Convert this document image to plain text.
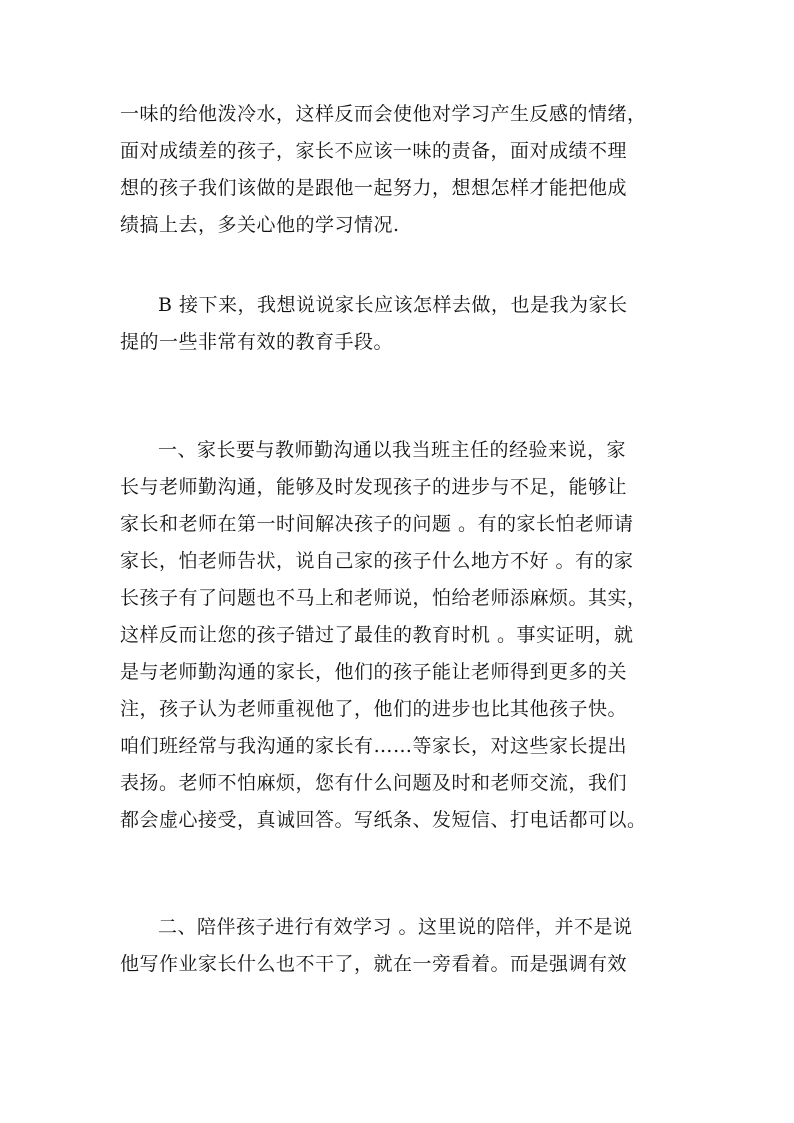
一味的给他泼冷水，这样反而会使他对学习产生反感的情绪，
面对成绩差的孩子，家长不应该一味的责备，面对成绩不理
想的孩子我们该做的是跟他一起努力，想想怎样才能把他成
绩搞上去，多关心他的学习情况.
B 接下来，我想说说家长应该怎样去做，也是我为家长
提的一些非常有效的教育手段。
一、家长要与教师勤沟通以我当班主任的经验来说，家
长与老师勤沟通，能够及时发现孩子的进步与不足，能够让
家长和老师在第一时间解决孩子的问题 。有的家长怕老师请
家长，怕老师告状，说自己家的孩子什么地方不好 。有的家
长孩子有了问题也不马上和老师说，怕给老师添麻烦。其实，
这样反而让您的孩子错过了最佳的教育时机 。事实证明，就
是与老师勤沟通的家长，他们的孩子能让老师得到更多的关
注，孩子认为老师重视他了，他们的进步也比其他孩子快。
咱们班经常与我沟通的家长有……等家长，对这些家长提出
表扬。老师不怕麻烦，您有什么问题及时和老师交流，我们
都会虚心接受，真诚回答。写纸条、发短信、打电话都可以。
二、陪伴孩子进行有效学习 。这里说的陪伴，并不是说
他写作业家长什么也不干了，就在一旁看着。而是强调有效
